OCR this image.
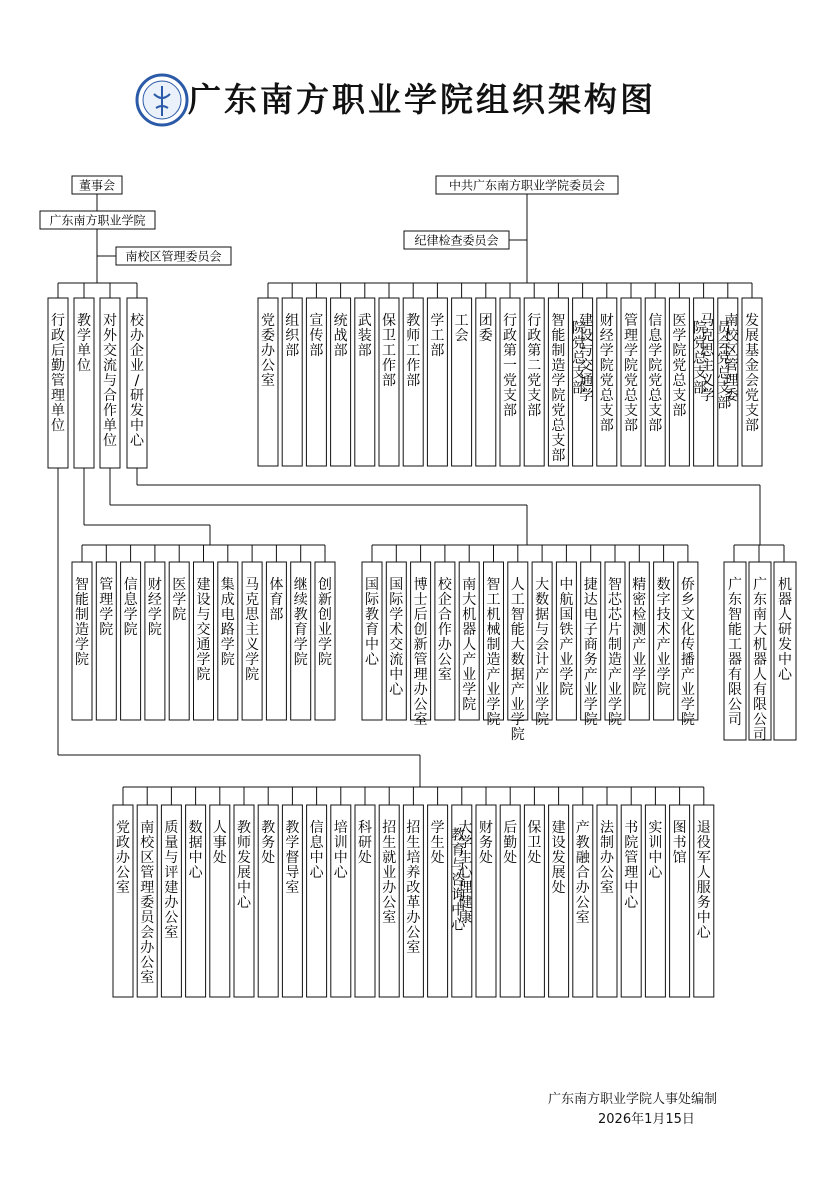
广东南方职业学院组织架构图
董事会
广东南方职业学院
南校区管理委员会
行
政
后
勤
管
理
单
位
教
学
单
位
对
外
交
流
与
合
作
单
位
校
办
企
业
/
研
发
中
心
中共广东南方职业学院委员会
纪律检查委员会
党
委
办
公
室
组
织
部
宣
传
部
统
战
部
武
装
部
保
卫
工
作
部
教
师
工
作
部
学
工
部
工
会
团
委
行
政
第
一
党
支
部
行
政
第
二
党
支
部
智
能
制
造
学
院
党
总
支
部
建
设
与
交
通
学
院
党
总
支
部
财
经
学
院
党
总
支
部
管
理
学
院
党
总
支
部
信
息
学
院
党
总
支
部
医
学
院
党
总
支
部
马
克
思
主
义
学
院
党
总
支
部
南
校
区
管
理
委
员
会
党
总
支
部
发
展
基
金
会
党
支
部
智
能
制
造
学
院
管
理
学
院
信
息
学
院
财
经
学
院
医
学
院
建
设
与
交
通
学
院
集
成
电
路
学
院
马
克
思
主
义
学
院
体
育
部
继
续
教
育
学
院
创
新
创
业
学
院
国
际
教
育
中
心
国
际
学
术
交
流
中
心
博
士
后
创
新
管
理
办
公
室
校
企
合
作
办
公
室
南
大
机
器
人
产
业
学
院
智
工
机
械
制
造
产
业
学
院
人
工
智
能
大
数
据
产
业
学
院
大
数
据
与
会
计
产
业
学
院
中
航
国
铁
产
业
学
院
捷
达
电
子
商
务
产
业
学
院
智
芯
芯
片
制
造
产
业
学
院
精
密
检
测
产
业
学
院
数
字
技
术
产
业
学
院
侨
乡
文
化
传
播
产
业
学
院
广
东
智
能
工
器
有
限
公
司
广
东
南
大
机
器
人
有
限
公
司
机
器
人
研
发
中
心
党
政
办
公
室
南
校
区
管
理
委
员
会
办
公
室
质
量
与
评
建
办
公
室
数
据
中
心
人
事
处
教
师
发
展
中
心
教
务
处
教
学
督
导
室
信
息
中
心
培
训
中
心
科
研
处
招
生
就
业
办
公
室
招
生
培
养
改
革
办
公
室
学
生
处
大
学
生
心
理
健
康
教
育
与
咨
询
中
心
财
务
处
后
勤
处
保
卫
处
建
设
发
展
处
产
教
融
合
办
公
室
法
制
办
公
室
书
院
管
理
中
心
实
训
中
心
图
书
馆
退
役
军
人
服
务
中
心
广东南方职业学院人事处编制
2026年1月15日
